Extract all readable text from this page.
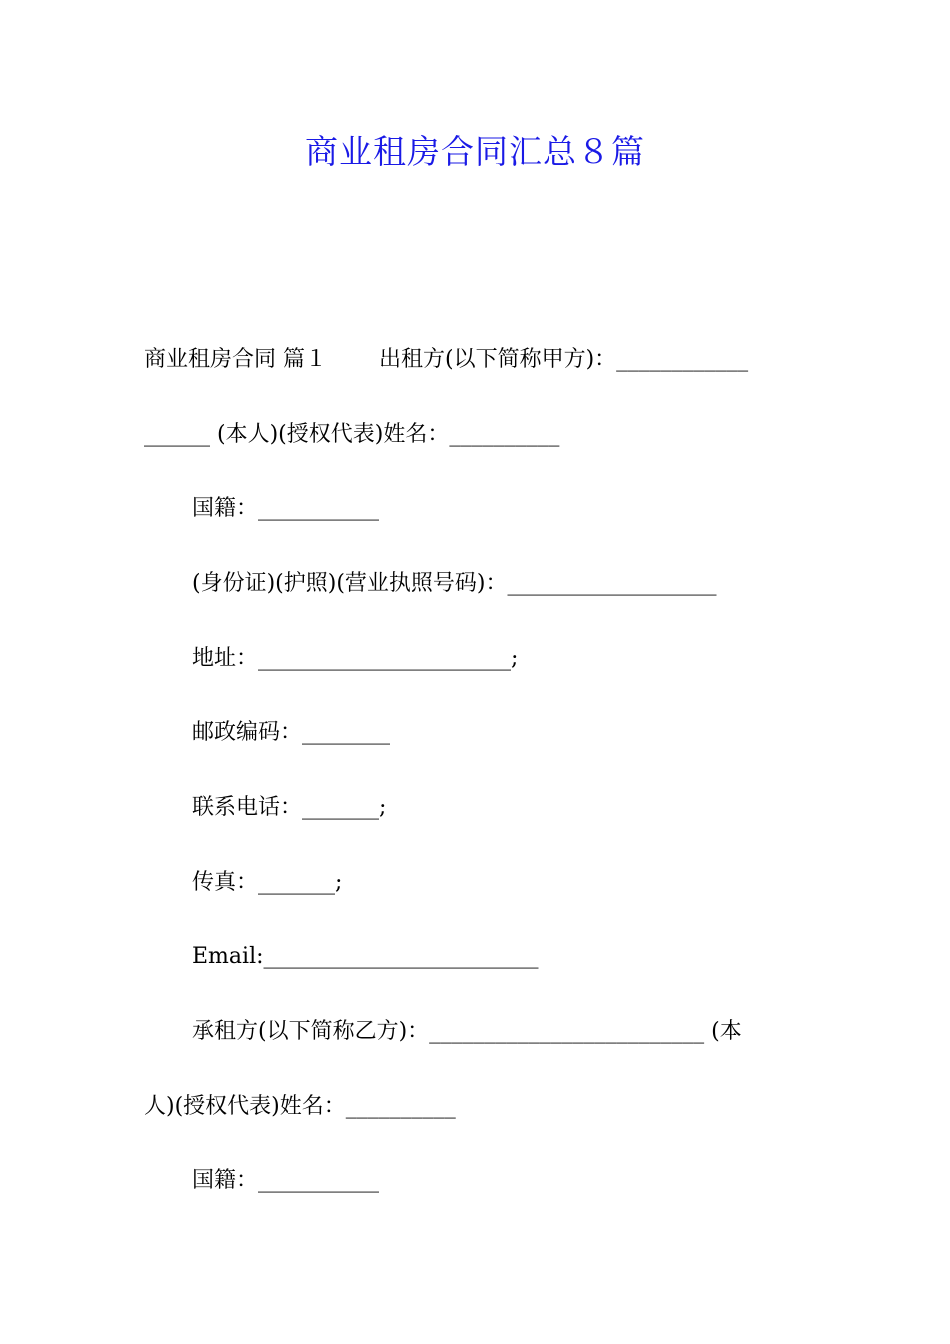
商业租房合同汇总８篇
商业租房合同 篇１ 出租方(以下简称甲方)：____________
______ (本人)(授权代表)姓名：__________
国籍：___________
(身份证)(护照)(营业执照号码)：___________________
地址：_______________________;
邮政编码：________
联系电话：_______;
传真：_______;
Email:_________________________
承租方(以下简称乙方)：_________________________ (本
人)(授权代表)姓名：__________
国籍：___________
